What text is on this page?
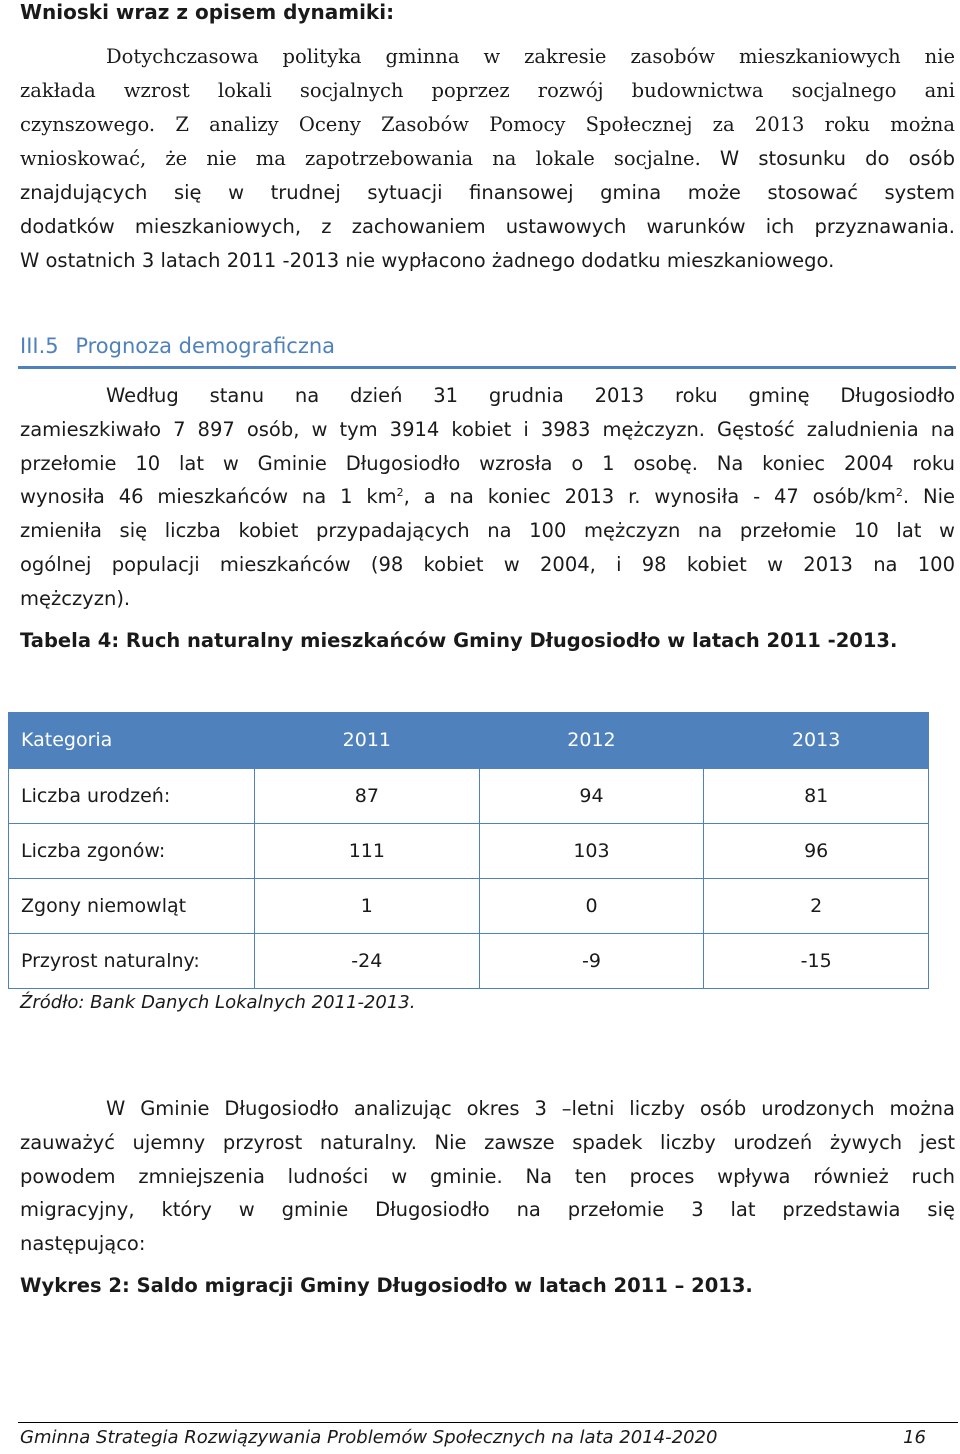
Wnioski wraz z opisem dynamiki:
Dotychczasowa polityka gminna w zakresie zasobów mieszkaniowych nie
zakłada wzrost lokali socjalnych poprzez rozwój budownictwa socjalnego ani
czynszowego. Z analizy Oceny Zasobów Pomocy Społecznej za 2013 roku można
wnioskować, że nie ma zapotrzebowania na lokale socjalne. W stosunku do osób
znajdujących się w trudnej sytuacji finansowej gmina może stosować system
dodatków mieszkaniowych, z zachowaniem ustawowych warunków ich przyznawania.
W ostatnich 3 latach 2011 -2013 nie wypłacono żadnego dodatku mieszkaniowego.
III.5 Prognoza demograficzna
Według stanu na dzień 31 grudnia 2013 roku gminę Długosiodło
zamieszkiwało 7 897 osób, w tym 3914 kobiet i 3983 mężczyzn. Gęstość zaludnienia na
przełomie 10 lat w Gminie Długosiodło wzrosła o 1 osobę. Na koniec 2004 roku
wynosiła 46 mieszkańców na 1 $km^2$, a na koniec 2013 r. wynosiła - 47 osób/$km^2$. Nie
zmieniła się liczba kobiet przypadających na 100 mężczyzn na przełomie 10 lat w
ogólnej populacji mieszkańców (98 kobiet w 2004, i 98 kobiet w 2013 na 100
mężczyzn).
Tabela 4: Ruch naturalny mieszkańców Gminy Długosiodło w latach 2011 -2013.
Kategoria	2011	2012	2013
Liczba urodzeń:	87	94	81
Liczba zgonów:	111	103	96
Zgony niemowląt	1	0	2
Przyrost naturalny:	-24	-9	-15
Źródło: Bank Danych Lokalnych 2011-2013.
W Gminie Długosiodło analizując okres 3 –letni liczby osób urodzonych można
zauważyć ujemny przyrost naturalny. Nie zawsze spadek liczby urodzeń żywych jest
powodem zmniejszenia ludności w gminie. Na ten proces wpływa również ruch
migracyjny, który w gminie Długosiodło na przełomie 3 lat przedstawia się
następująco:
Wykres 2: Saldo migracji Gminy Długosiodło w latach 2011 – 2013.
Gminna Strategia Rozwiązywania Problemów Społecznych na lata 2014-2020	16
